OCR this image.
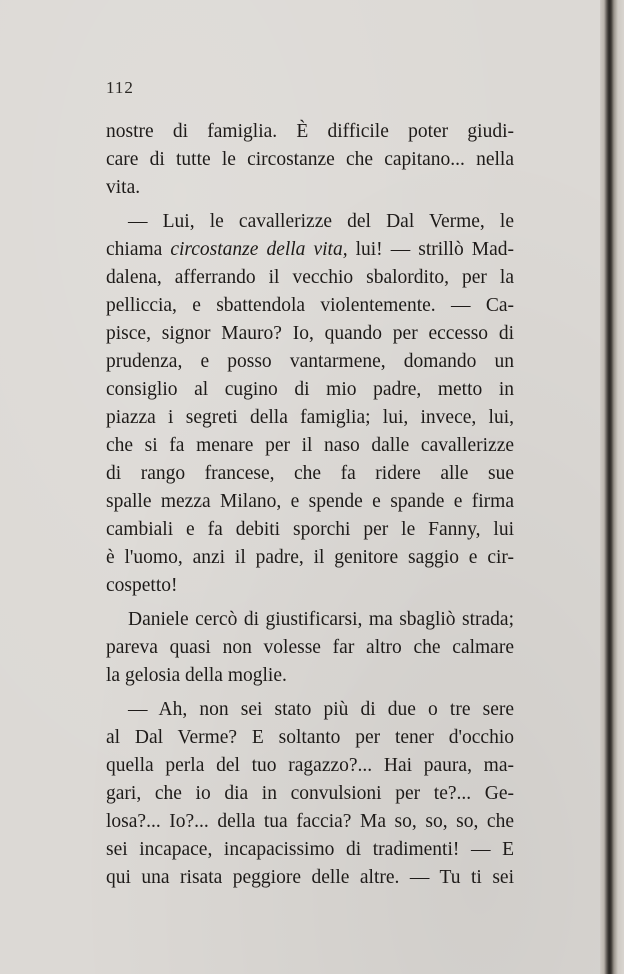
112

nostre di famiglia. È difficile poter giudi-
care di tutte le circostanze che capitano... nella
vita.

— Lui, le cavallerizze del Dal Verme, le
chiama circostanze della vita, lui! — strillò Mad-
dalena, afferrando il vecchio sbalordito, per la
pelliccia, e sbattendola violentemente. — Ca-
pisce, signor Mauro? Io, quando per eccesso di
prudenza, e posso vantarmene, domando un
consiglio al cugino di mio padre, metto in
piazza i segreti della famiglia; lui, invece, lui,
che si fa menare per il naso dalle cavallerizze
di rango francese, che fa ridere alle sue
spalle mezza Milano, e spende e spande e firma
cambiali e fa debiti sporchi per le Fanny, lui
è l'uomo, anzi il padre, il genitore saggio e cir-
cospetto!

Daniele cercò di giustificarsi, ma sbagliò strada;
pareva quasi non volesse far altro che calmare
la gelosia della moglie.

— Ah, non sei stato più di due o tre sere
al Dal Verme? E soltanto per tener d'occhio
quella perla del tuo ragazzo?... Hai paura, ma-
gari, che io dia in convulsioni per te?... Ge-
losa?... Io?... della tua faccia? Ma so, so, so, che
sei incapace, incapacissimo di tradimenti! — E
qui una risata peggiore delle altre. — Tu ti sei
